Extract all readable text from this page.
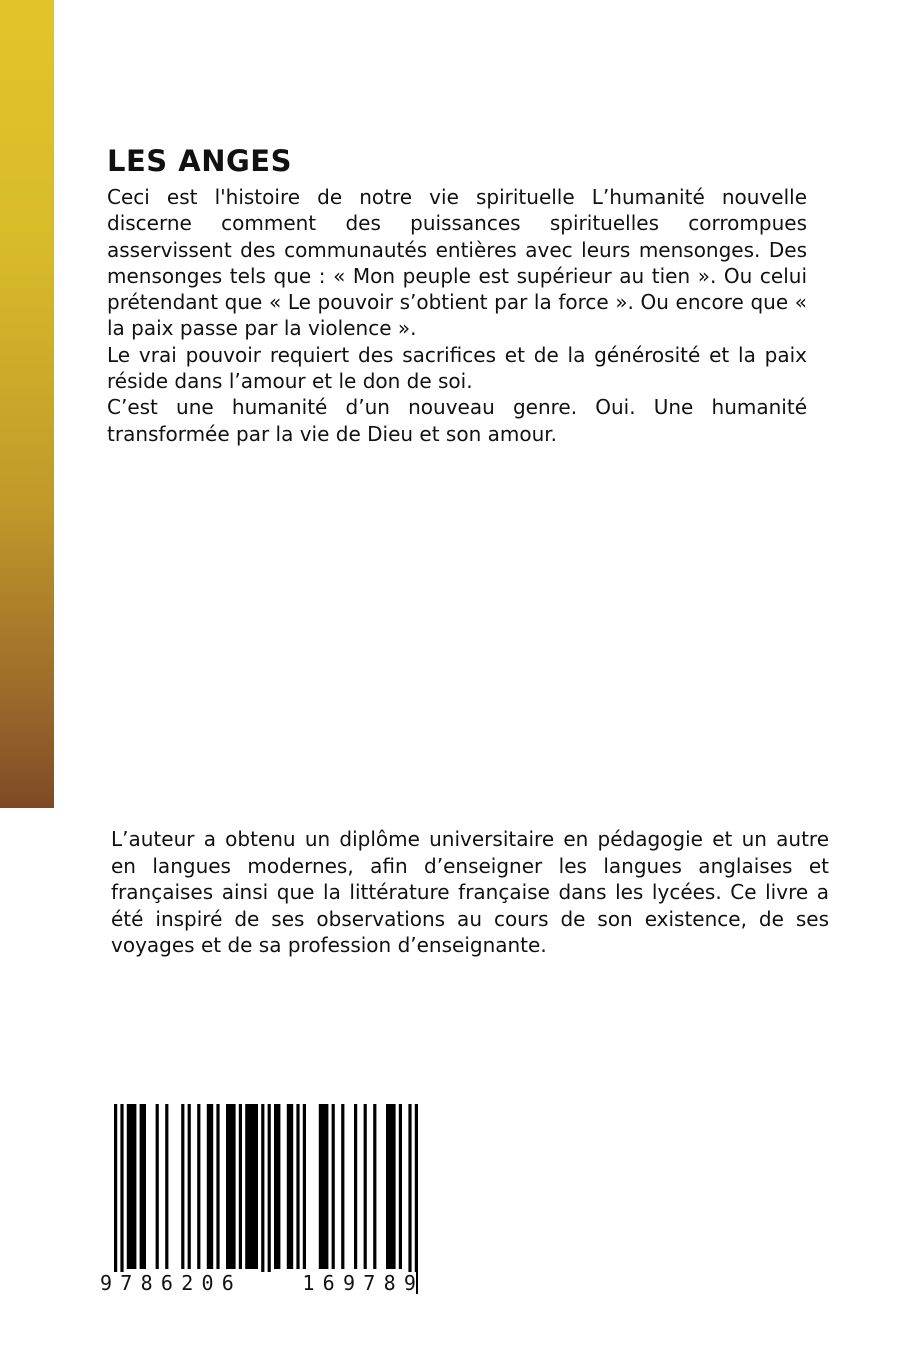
LES ANGES

Ceci est l'histoire de notre vie spirituelle L’humanité nouvelle discerne comment des puissances spirituelles corrompues asservissent des communautés entières avec leurs mensonges. Des mensonges tels que : « Mon peuple est supérieur au tien ». Ou celui prétendant que « Le pouvoir s’obtient par la force ». Ou encore que « la paix passe par la violence ».

Le vrai pouvoir requiert des sacrifices et de la générosité et la paix réside dans l’amour et le don de soi.

C’est une humanité d’un nouveau genre. Oui. Une humanité transformée par la vie de Dieu et son amour.

L’auteur a obtenu un diplôme universitaire en pédagogie et un autre en langues modernes, afin d’enseigner les langues anglaises et françaises ainsi que la littérature française dans les lycées. Ce livre a été inspiré de ses observations au cours de son existence, de ses voyages et de sa profession d’enseignante.
9 7 8 6 2 0 6	1 6 9 7 8 9
